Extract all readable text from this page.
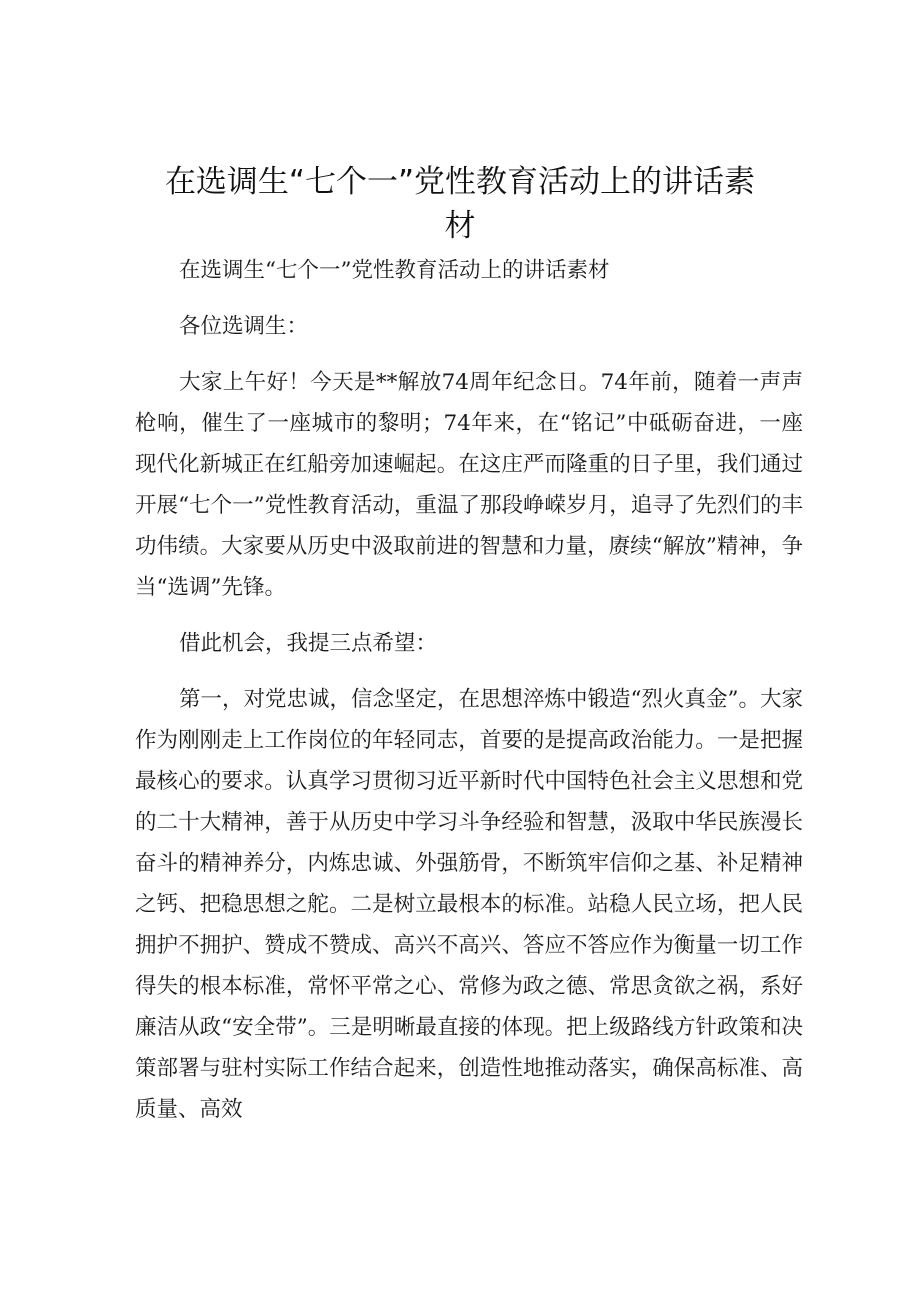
在选调生“七个一”党性教育活动上的讲话素材

在选调生“七个一”党性教育活动上的讲话素材

各位选调生：

大家上午好！今天是**解放74周年纪念日。74年前，随着一声声枪响，催生了一座城市的黎明；74年来，在“铭记”中砥砺奋进，一座现代化新城正在红船旁加速崛起。在这庄严而隆重的日子里，我们通过开展“七个一”党性教育活动，重温了那段峥嵘岁月，追寻了先烈们的丰功伟绩。大家要从历史中汲取前进的智慧和力量，赓续“解放”精神，争当“选调”先锋。

借此机会，我提三点希望：

第一，对党忠诚，信念坚定，在思想淬炼中锻造“烈火真金”。大家作为刚刚走上工作岗位的年轻同志，首要的是提高政治能力。一是把握最核心的要求。认真学习贯彻习近平新时代中国特色社会主义思想和党的二十大精神，善于从历史中学习斗争经验和智慧，汲取中华民族漫长奋斗的精神养分，内炼忠诚、外强筋骨，不断筑牢信仰之基、补足精神之钙、把稳思想之舵。二是树立最根本的标准。站稳人民立场，把人民拥护不拥护、赞成不赞成、高兴不高兴、答应不答应作为衡量一切工作得失的根本标准，常怀平常之心、常修为政之德、常思贪欲之祸，系好廉洁从政“安全带”。三是明晰最直接的体现。把上级路线方针政策和决策部署与驻村实际工作结合起来，创造性地推动落实，确保高标准、高质量、高效
